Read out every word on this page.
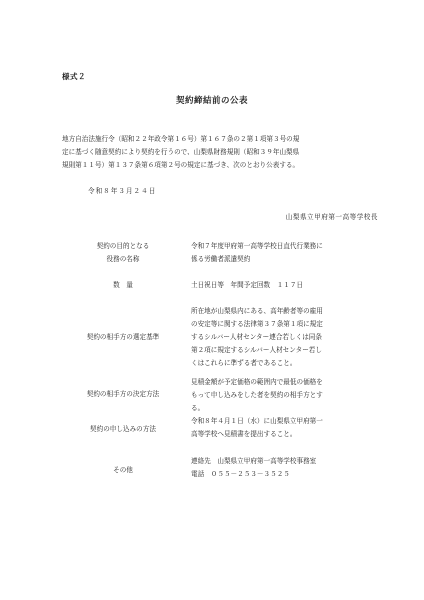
様式２
契約締結前の公表
地方自治法施行令（昭和２２年政令第１６号）第１６７条の２第１項第３号の規
定に基づく随意契約により契約を行うので、山梨県財務規則（昭和３９年山梨県
規則第１１号）第１３７条第６項第２号の規定に基づき、次のとおり公表する。
令和８年３月２４日
山梨県立甲府第一高等学校長
契約の目的となる
役務の名称
令和７年度甲府第一高等学校日直代行業務に
係る労働者派遣契約
数　量	土日祝日等　年間予定回数　１１７日
契約の相手方の選定基準
所在地が山梨県内にある、高年齢者等の雇用
の安定等に関する法律第３７条第１項に規定
するシルバー人材センター連合若しくは同条
第２項に規定するシルバー人材センター若し
くはこれらに準ずる者であること。
契約の相手方の決定方法
見積金額が予定価格の範囲内で最低の価格を
もって申し込みをした者を契約の相手方とす
る。
契約の申し込みの方法
令和８年４月１日（水）に山梨県立甲府第一
高等学校へ見積書を提出すること。
その他
連絡先　山梨県立甲府第一高等学校事務室
電話　０５５－２５３－３５２５
